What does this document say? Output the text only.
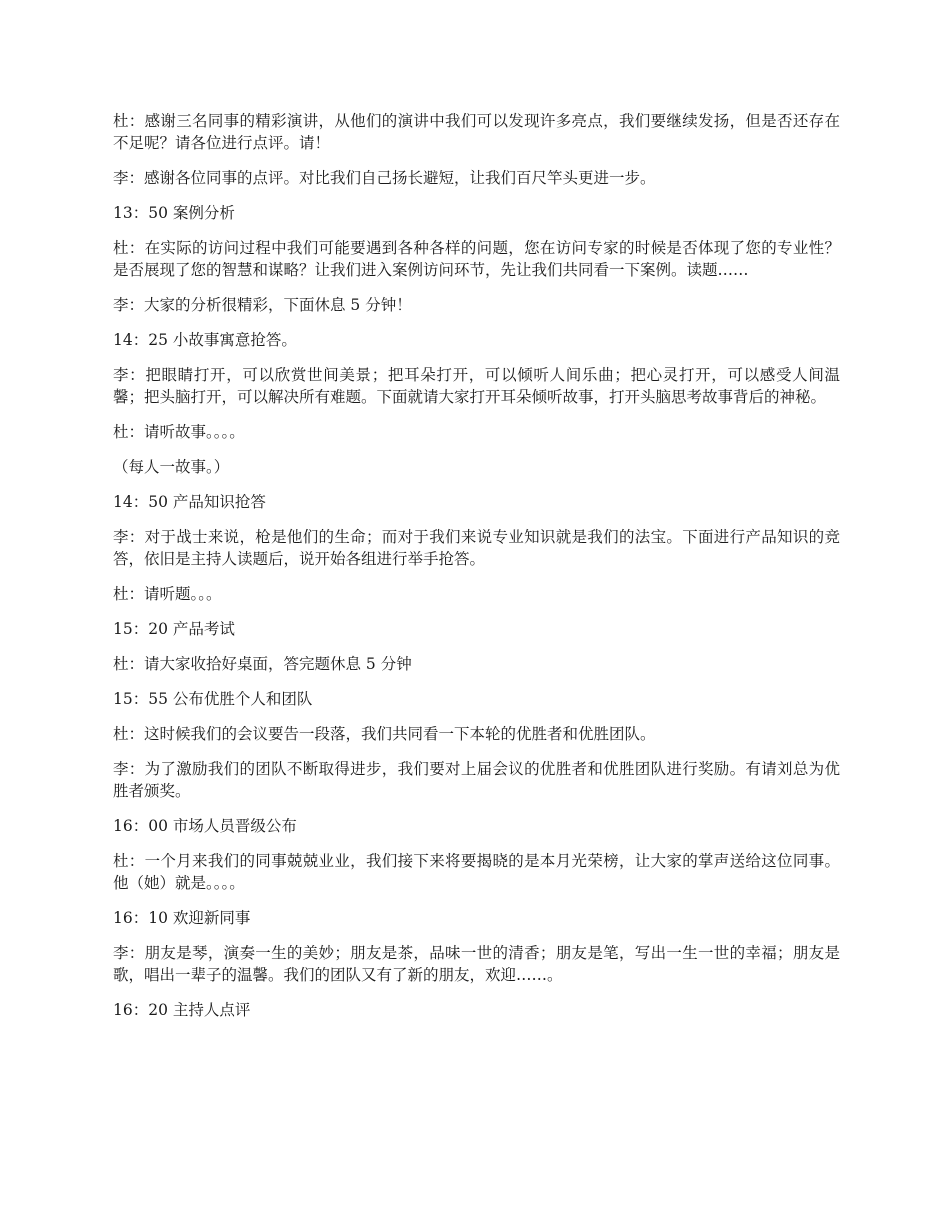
杜：感谢三名同事的精彩演讲，从他们的演讲中我们可以发现许多亮点，我们要继续发扬，但是否还存在不足呢？请各位进行点评。请！

李：感谢各位同事的点评。对比我们自己扬长避短，让我们百尺竿头更进一步。

13：50 案例分析

杜：在实际的访问过程中我们可能要遇到各种各样的问题，您在访问专家的时候是否体现了您的专业性？是否展现了您的智慧和谋略？让我们进入案例访问环节，先让我们共同看一下案例。读题……

李：大家的分析很精彩，下面休息 5 分钟！

14：25 小故事寓意抢答。

李：把眼睛打开，可以欣赏世间美景；把耳朵打开，可以倾听人间乐曲；把心灵打开，可以感受人间温馨；把头脑打开，可以解决所有难题。下面就请大家打开耳朵倾听故事，打开头脑思考故事背后的神秘。

杜：请听故事。。。。

（每人一故事。）

14：50 产品知识抢答

李：对于战士来说，枪是他们的生命；而对于我们来说专业知识就是我们的法宝。下面进行产品知识的竞答，依旧是主持人读题后，说开始各组进行举手抢答。

杜：请听题。。。

15：20 产品考试

杜：请大家收拾好桌面，答完题休息 5 分钟

15：55 公布优胜个人和团队

杜：这时候我们的会议要告一段落，我们共同看一下本轮的优胜者和优胜团队。

李：为了激励我们的团队不断取得进步，我们要对上届会议的优胜者和优胜团队进行奖励。有请刘总为优胜者颁奖。

16：00 市场人员晋级公布

杜：一个月来我们的同事兢兢业业，我们接下来将要揭晓的是本月光荣榜，让大家的掌声送给这位同事。他（她）就是。。。。

16：10 欢迎新同事

李：朋友是琴，演奏一生的美妙；朋友是茶，品味一世的清香；朋友是笔，写出一生一世的幸福；朋友是歌，唱出一辈子的温馨。我们的团队又有了新的朋友，欢迎……。

16：20 主持人点评
